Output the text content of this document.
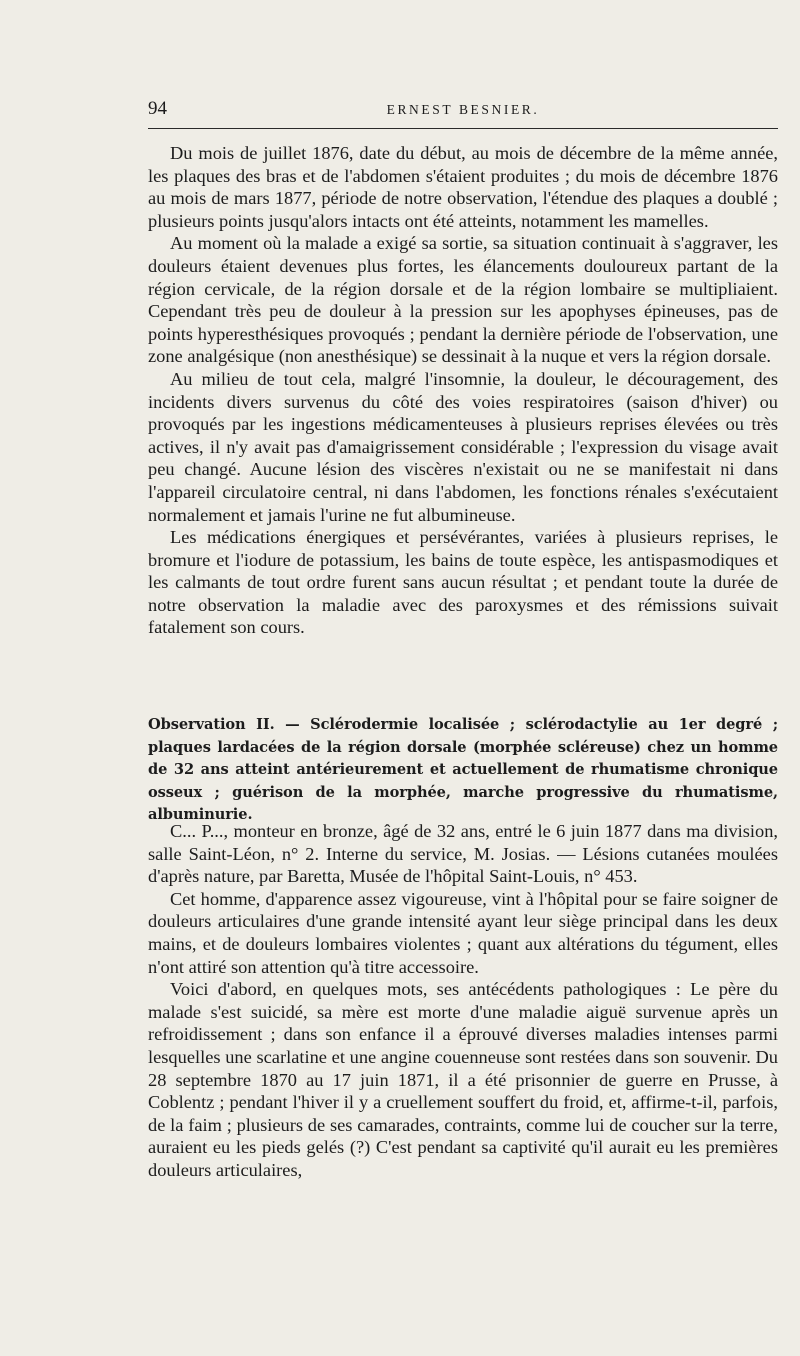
94	ERNEST BESNIER.

Du mois de juillet 1876, date du début, au mois de décembre de la même année, les plaques des bras et de l'abdomen s'étaient produites ; du mois de décembre 1876 au mois de mars 1877, période de notre observation, l'étendue des plaques a doublé ; plusieurs points jusqu'alors intacts ont été atteints, notamment les mamelles.

Au moment où la malade a exigé sa sortie, sa situation continuait à s'aggraver, les douleurs étaient devenues plus fortes, les élancements douloureux partant de la région cervicale, de la région dorsale et de la région lombaire se multipliaient. Cependant très peu de douleur à la pression sur les apophyses épineuses, pas de points hyperesthésiques provoqués ; pendant la dernière période de l'observation, une zone analgésique (non anesthésique) se dessinait à la nuque et vers la région dorsale.

Au milieu de tout cela, malgré l'insomnie, la douleur, le découragement, des incidents divers survenus du côté des voies respiratoires (saison d'hiver) ou provoqués par les ingestions médicamenteuses à plusieurs reprises élevées ou très actives, il n'y avait pas d'amaigrissement considérable ; l'expression du visage avait peu changé. Aucune lésion des viscères n'existait ou ne se manifestait ni dans l'appareil circulatoire central, ni dans l'abdomen, les fonctions rénales s'exécutaient normalement et jamais l'urine ne fut albumineuse.

Les médications énergiques et persévérantes, variées à plusieurs reprises, le bromure et l'iodure de potassium, les bains de toute espèce, les antispasmodiques et les calmants de tout ordre furent sans aucun résultat ; et pendant toute la durée de notre observation la maladie avec des paroxysmes et des rémissions suivait fatalement son cours.

Observation II. — Sclérodermie localisée ; sclérodactylie au 1er degré ; plaques lardacées de la région dorsale (morphée scléreuse) chez un homme de 32 ans atteint antérieurement et actuellement de rhumatisme chronique osseux ; guérison de la morphée, marche progressive du rhumatisme, albuminurie.

C... P..., monteur en bronze, âgé de 32 ans, entré le 6 juin 1877 dans ma division, salle Saint-Léon, n° 2. Interne du service, M. Josias. — Lésions cutanées moulées d'après nature, par Baretta, Musée de l'hôpital Saint-Louis, n° 453.

Cet homme, d'apparence assez vigoureuse, vint à l'hôpital pour se faire soigner de douleurs articulaires d'une grande intensité ayant leur siège principal dans les deux mains, et de douleurs lombaires violentes ; quant aux altérations du tégument, elles n'ont attiré son attention qu'à titre accessoire.

Voici d'abord, en quelques mots, ses antécédents pathologiques : Le père du malade s'est suicidé, sa mère est morte d'une maladie aiguë survenue après un refroidissement ; dans son enfance il a éprouvé diverses maladies intenses parmi lesquelles une scarlatine et une angine couenneuse sont restées dans son souvenir. Du 28 septembre 1870 au 17 juin 1871, il a été prisonnier de guerre en Prusse, à Coblentz ; pendant l'hiver il y a cruellement souffert du froid, et, affirme-t-il, parfois, de la faim ; plusieurs de ses camarades, contraints, comme lui de coucher sur la terre, auraient eu les pieds gelés (?) C'est pendant sa captivité qu'il aurait eu les premières douleurs articulaires,
